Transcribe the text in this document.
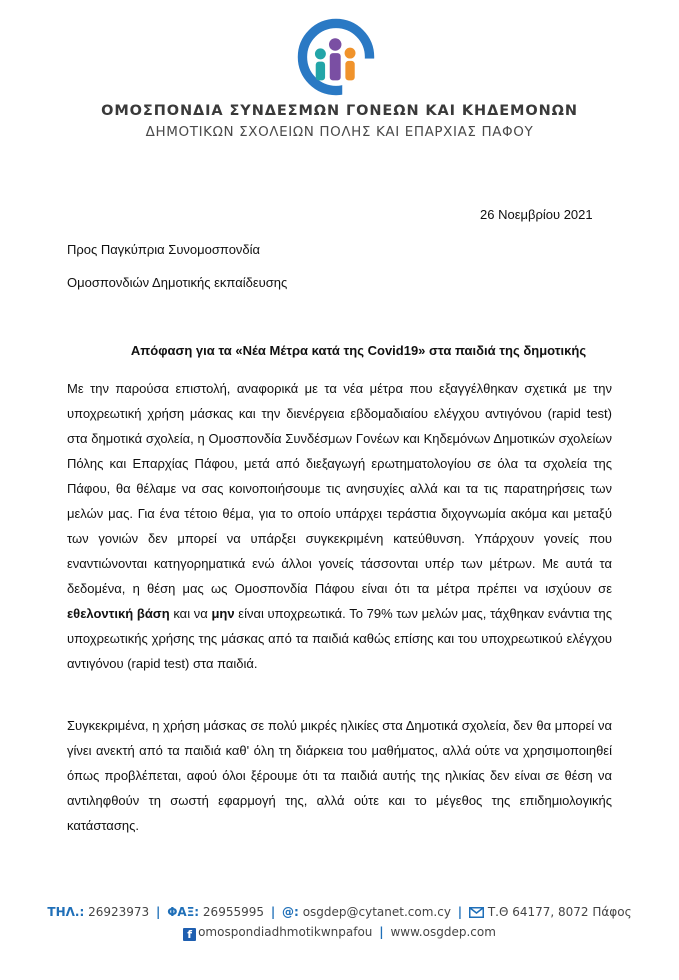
ΟΜΟΣΠΟΝΔΙΑ ΣΥΝΔΕΣΜΩΝ ΓΟΝΕΩΝ ΚΑΙ ΚΗΔΕΜΟΝΩΝ
ΔΗΜΟΤΙΚΩΝ ΣΧΟΛΕΙΩΝ ΠΟΛΗΣ ΚΑΙ ΕΠΑΡΧΙΑΣ ΠΑΦΟΥ
26 Νοεμβρίου 2021
Προς Παγκύπρια Συνομοσπονδία
Ομοσπονδιών Δημοτικής εκπαίδευσης
Απόφαση για τα «Νέα Μέτρα κατά της Covid19» στα παιδιά της δημοτικής

Με την παρούσα επιστολή, αναφορικά με τα νέα μέτρα που εξαγγέλθηκαν σχετικά με την υποχρεωτική χρήση μάσκας και την διενέργεια εβδομαδιαίου ελέγχου αντιγόνου (rapid test) στα δημοτικά σχολεία, η Ομοσπονδία Συνδέσμων Γονέων και Κηδεμόνων Δημοτικών σχολείων Πόλης και Επαρχίας Πάφου, μετά από διεξαγωγή ερωτηματολογίου σε όλα τα σχολεία της Πάφου, θα θέλαμε να σας κοινοποιήσουμε τις ανησυχίες αλλά και τα τις παρατηρήσεις των μελών μας. Για ένα τέτοιο θέμα, για το οποίο υπάρχει τεράστια διχογνωμία ακόμα και μεταξύ των γονιών δεν μπορεί να υπάρξει συγκεκριμένη κατεύθυνση. Υπάρχουν γονείς που εναντιώνονται κατηγορηματικά ενώ άλλοι γονείς τάσσονται υπέρ των μέτρων. Με αυτά τα δεδομένα, η θέση μας ως Ομοσπονδία Πάφου είναι ότι τα μέτρα πρέπει να ισχύουν σε εθελοντική βάση και να μην είναι υποχρεωτικά. Το 79% των μελών μας, τάχθηκαν ενάντια της υποχρεωτικής χρήσης της μάσκας από τα παιδιά καθώς επίσης και του υποχρεωτικού ελέγχου αντιγόνου (rapid test) στα παιδιά.

Συγκεκριμένα, η χρήση μάσκας σε πολύ μικρές ηλικίες στα Δημοτικά σχολεία, δεν θα μπορεί να γίνει ανεκτή από τα παιδιά καθ' όλη τη διάρκεια του μαθήματος, αλλά ούτε να χρησιμοποιηθεί όπως προβλέπεται, αφού όλοι ξέρουμε ότι τα παιδιά αυτής της ηλικίας δεν είναι σε θέση να αντιληφθούν τη σωστή εφαρμογή της, αλλά ούτε και το μέγεθος της επιδημιολογικής κατάστασης.

ΤΗΛ.: 26923973 | ΦΑΞ: 26955995 | @: osgdep@cytanet.com.cy | Τ.Θ 64177, 8072 Πάφος
f omospondiadhmotikwnpafou | www.osgdep.com
